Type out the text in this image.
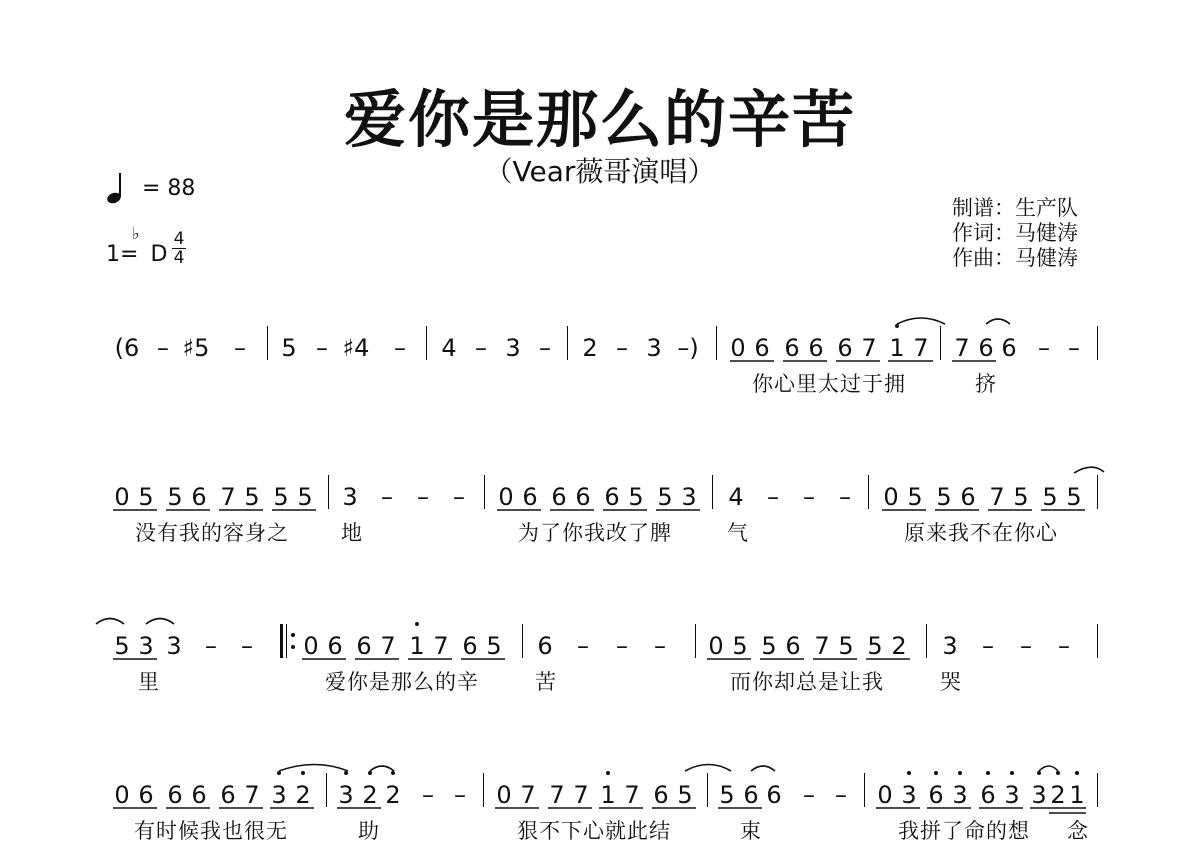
爱你是那么的辛苦
（Vear薇哥演唱）
= 88
1= D
♭ 4
4
制谱：生产队
作词：马健涛
作曲：马健涛
(6 – ♯5 – 5 – ♯4 – 4 – 3 – 2 – 3 –) 0 6 6 6 6 7 1 7 7 6 6 – –
0 5 5 6 7 5 5 5 3 – – – 0 6 6 6 6 5 5 3 4 – – – 0 5 5 6 7 5 5 5
5 3 3 – – 0 6 6 7 1 7 6 5 6 – – – 0 5 5 6 7 5 5 2 3 – – –
0 6 6 6 6 7 3 2 3 2 2 – – 0 7 7 7 1 7 6 5 5 6 6 – – 0 3 6 3 6 3 3 2 1
你心里太过于拥	挤
没有我的容身之 地	为了你我改了脾	气	原来我不在你心
里	爱你是那么的辛	苦	而你却总是让我	哭
有时候我也很无	助	狠不下心就此结	束	我拼了命的想 念
